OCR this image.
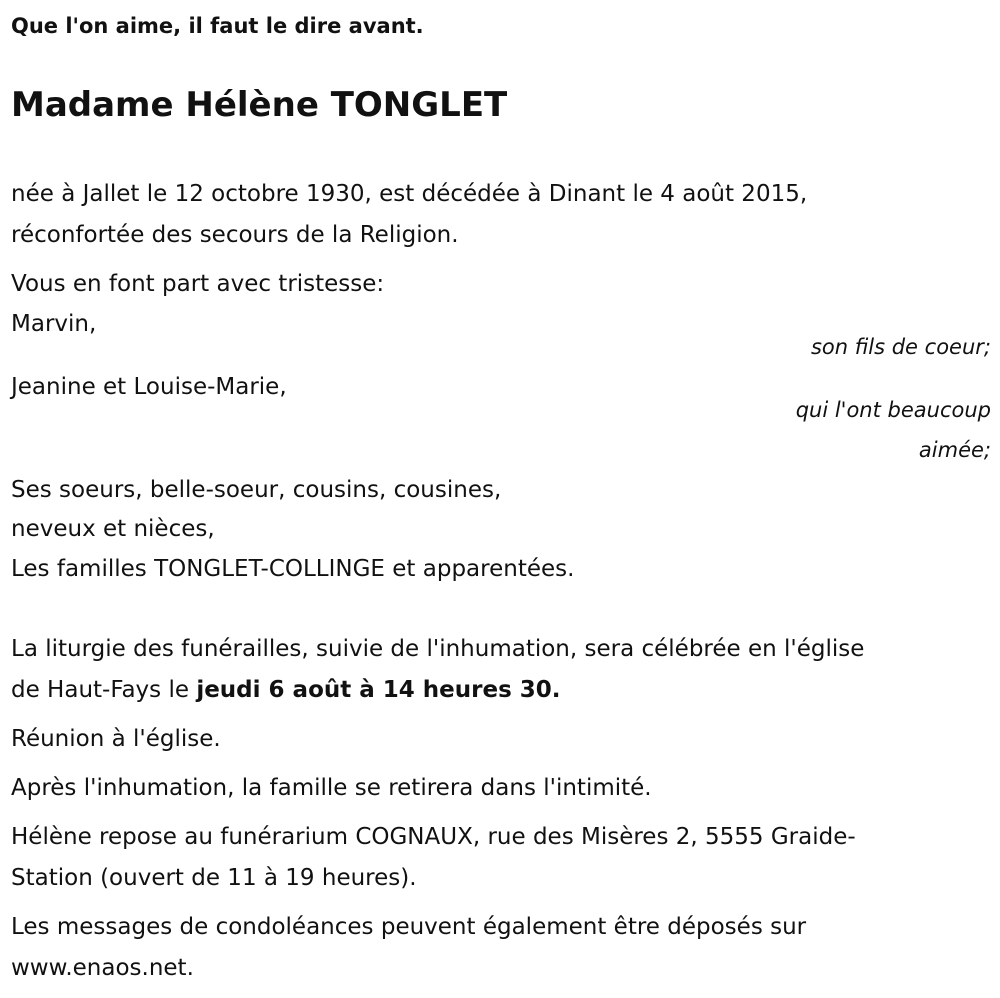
Que l'on aime, il faut le dire avant.
Madame Hélène TONGLET
née à Jallet le 12 octobre 1930, est décédée à Dinant le 4 août 2015,
réconfortée des secours de la Religion.
Vous en font part avec tristesse:
Marvin,
son fils de coeur;
Jeanine et Louise-Marie,
qui l'ont beaucoup
aimée;
Ses soeurs, belle-soeur, cousins, cousines,
neveux et nièces,
Les familles TONGLET-COLLINGE et apparentées.
La liturgie des funérailles, suivie de l'inhumation, sera célébrée en l'église
de Haut-Fays le jeudi 6 août à 14 heures 30.
Réunion à l'église.
Après l'inhumation, la famille se retirera dans l'intimité.
Hélène repose au funérarium COGNAUX, rue des Misères 2, 5555 Graide-
Station (ouvert de 11 à 19 heures).
Les messages de condoléances peuvent également être déposés sur
www.enaos.net.
